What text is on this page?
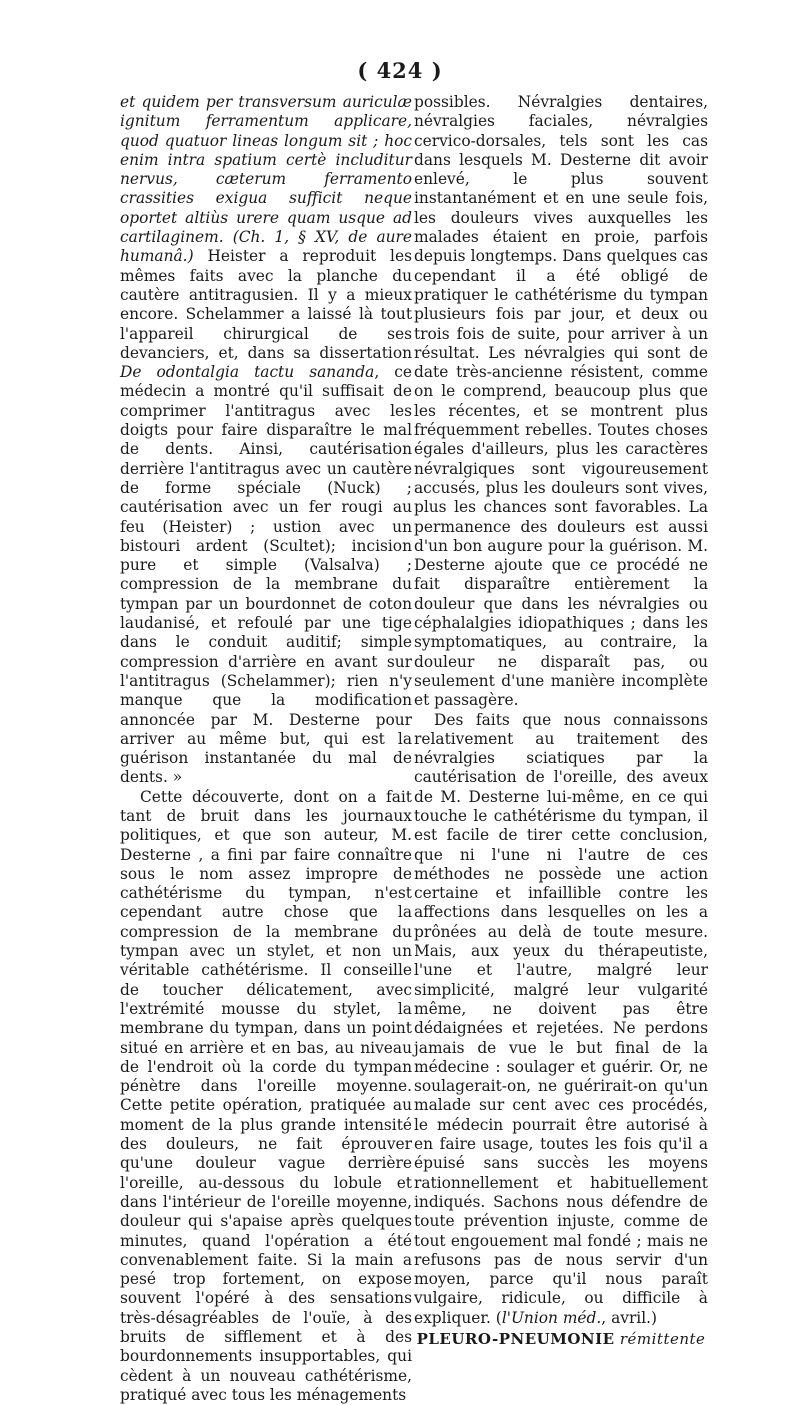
( 424 )

et quidem per transversum auriculæ ignitum ferramentum applicare, quod quatuor lineas longum sit ; hoc enim intra spatium certè includitur nervus, cæterum ferramento crassities exigua sufficit neque oportet altiùs urere quam usque ad cartilaginem. (Ch. 1, § XV, de aure humanâ.) Heister a reproduit les mêmes faits avec la planche du cautère antitragusien. Il y a mieux encore. Schelammer a laissé là tout l'appareil chirurgical de ses devanciers, et, dans sa dissertation De odontalgia tactu sananda, ce médecin a montré qu'il suffisait de comprimer l'antitragus avec les doigts pour faire disparaître le mal de dents. Ainsi, cautérisation derrière l'antitragus avec un cautère de forme spéciale (Nuck) ; cautérisation avec un fer rougi au feu (Heister) ; ustion avec un bistouri ardent (Scultet); incision pure et simple (Valsalva) ; compression de la membrane du tympan par un bourdonnet de coton laudanisé, et refoulé par une tige dans le conduit auditif; simple compression d'arrière en avant sur l'antitragus (Schelammer); rien n'y manque que la modification annoncée par M. Desterne pour arriver au même but, qui est la guérison instantanée du mal de dents. »

Cette découverte, dont on a fait tant de bruit dans les journaux politiques, et que son auteur, M. Desterne , a fini par faire connaître sous le nom assez impropre de cathétérisme du tympan, n'est cependant autre chose que la compression de la membrane du tympan avec un stylet, et non un véritable cathétérisme. Il conseille de toucher délicatement, avec l'extrémité mousse du stylet, la membrane du tympan, dans un point situé en arrière et en bas, au niveau de l'endroit où la corde du tympan pénètre dans l'oreille moyenne. Cette petite opération, pratiquée au moment de la plus grande intensité des douleurs, ne fait éprouver qu'une douleur vague derrière l'oreille, au-dessous du lobule et dans l'intérieur de l'oreille moyenne, douleur qui s'apaise après quelques minutes, quand l'opération a été convenablement faite. Si la main a pesé trop fortement, on expose souvent l'opéré à des sensations très-désagréables de l'ouïe, à des bruits de sifflement et à des bourdonnements insupportables, qui cèdent à un nouveau cathétérisme, pratiqué avec tous les ménagements

possibles. Névralgies dentaires, névralgies faciales, névralgies cervico-dorsales, tels sont les cas dans lesquels M. Desterne dit avoir enlevé, le plus souvent instantanément et en une seule fois, les douleurs vives auxquelles les malades étaient en proie, parfois depuis longtemps. Dans quelques cas cependant il a été obligé de pratiquer le cathétérisme du tympan plusieurs fois par jour, et deux ou trois fois de suite, pour arriver à un résultat. Les névralgies qui sont de date très-ancienne résistent, comme on le comprend, beaucoup plus que les récentes, et se montrent plus fréquemment rebelles. Toutes choses égales d'ailleurs, plus les caractères névralgiques sont vigoureusement accusés, plus les douleurs sont vives, plus les chances sont favorables. La permanence des douleurs est aussi d'un bon augure pour la guérison. M. Desterne ajoute que ce procédé ne fait disparaître entièrement la douleur que dans les névralgies ou céphalalgies idiopathiques ; dans les symptomatiques, au contraire, la douleur ne disparaît pas, ou seulement d'une manière incomplète et passagère.

Des faits que nous connaissons relativement au traitement des névralgies sciatiques par la cautérisation de l'oreille, des aveux de M. Desterne lui-même, en ce qui touche le cathétérisme du tympan, il est facile de tirer cette conclusion, que ni l'une ni l'autre de ces méthodes ne possède une action certaine et infaillible contre les affections dans lesquelles on les a prônées au delà de toute mesure. Mais, aux yeux du thérapeutiste, l'une et l'autre, malgré leur simplicité, malgré leur vulgarité même, ne doivent pas être dédaignées et rejetées. Ne perdons jamais de vue le but final de la médecine : soulager et guérir. Or, ne soulagerait-on, ne guérirait-on qu'un malade sur cent avec ces procédés, le médecin pourrait être autorisé à en faire usage, toutes les fois qu'il a épuisé sans succès les moyens rationnellement et habituellement indiqués. Sachons nous défendre de toute prévention injuste, comme de tout engouement mal fondé ; mais ne refusons pas de nous servir d'un moyen, parce qu'il nous paraît vulgaire, ridicule, ou difficile à expliquer. (l'Union méd., avril.)

PLEURO-PNEUMONIE rémittente
